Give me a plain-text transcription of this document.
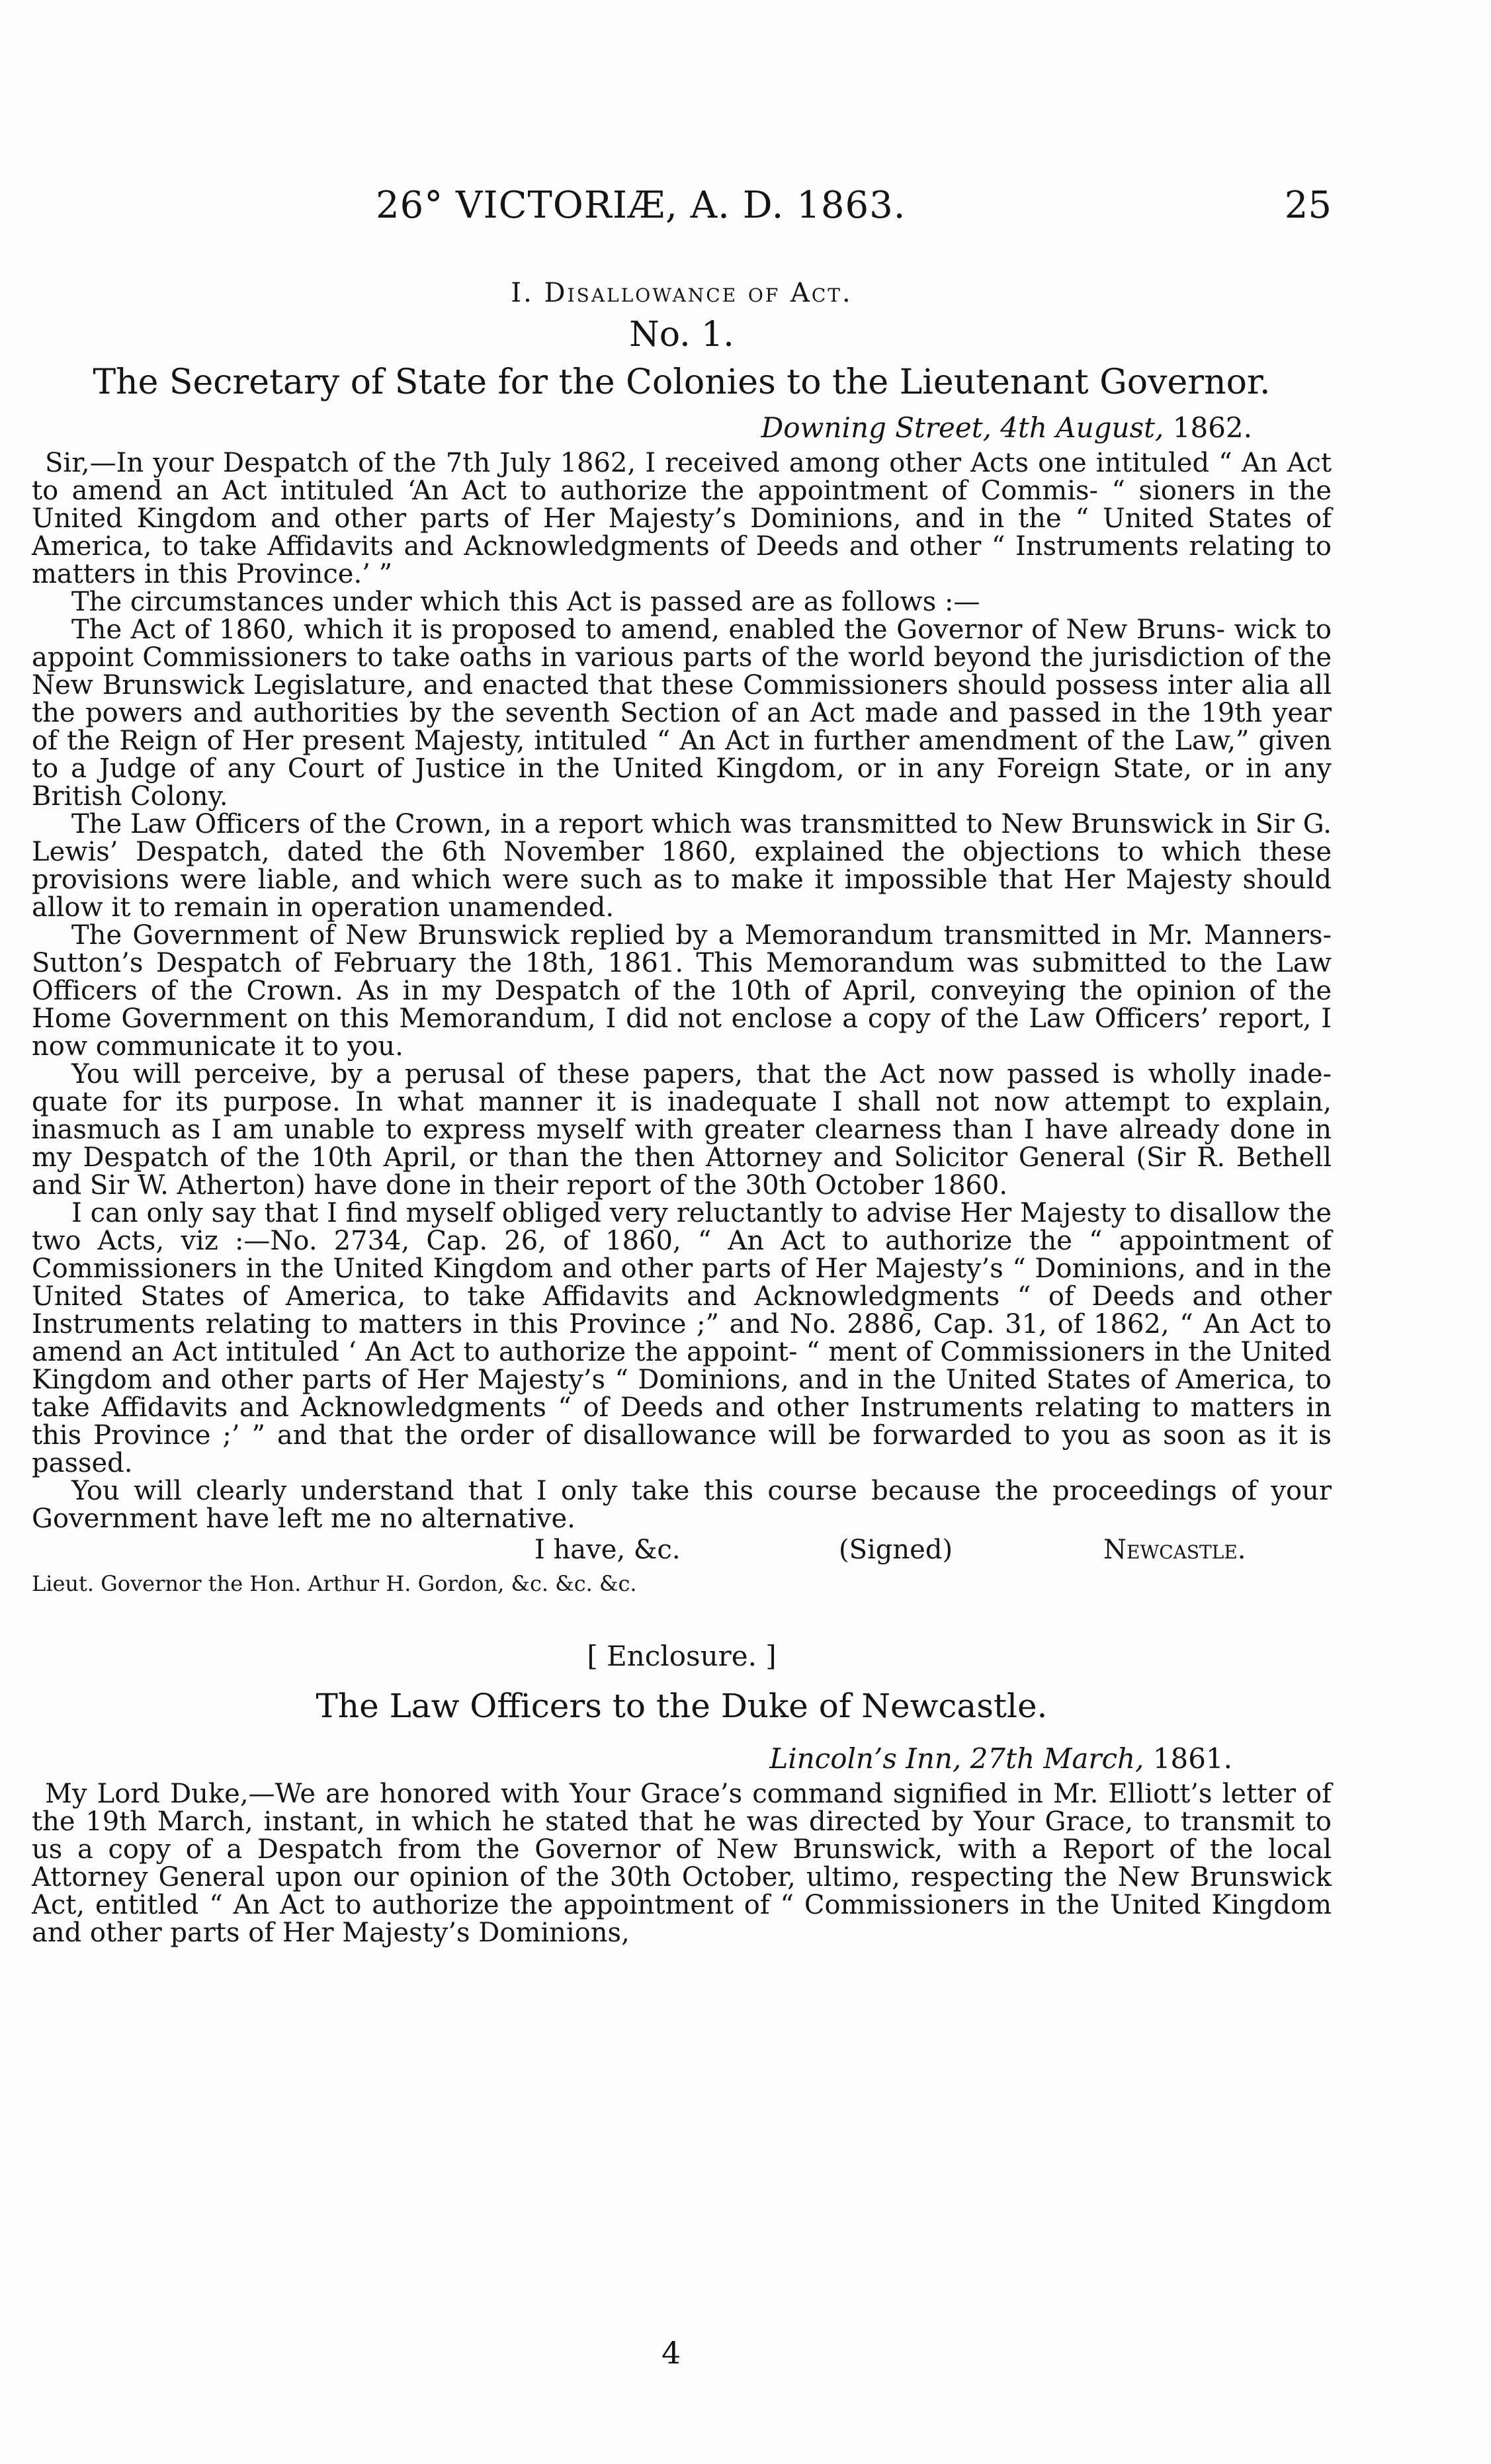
26° VICTORIÆ, A. D. 1863.	25
I. Disallowance of Act.
No. 1.
The Secretary of State for the Colonies to the Lieutenant Governor.
Downing Street, 4th August, 1862.

Sir,—In your Despatch of the 7th July 1862, I received among other Acts one intituled “ An Act to amend an Act intituled ‘An Act to authorize the appointment of Commis- “ sioners in the United Kingdom and other parts of Her Majesty’s Dominions, and in the “ United States of America, to take Affidavits and Acknowledgments of Deeds and other “ Instruments relating to matters in this Province.’ ”

The circumstances under which this Act is passed are as follows :—

The Act of 1860, which it is proposed to amend, enabled the Governor of New Bruns- wick to appoint Commissioners to take oaths in various parts of the world beyond the jurisdiction of the New Brunswick Legislature, and enacted that these Commissioners should possess inter alia all the powers and authorities by the seventh Section of an Act made and passed in the 19th year of the Reign of Her present Majesty, intituled “ An Act in further amendment of the Law,” given to a Judge of any Court of Justice in the United Kingdom, or in any Foreign State, or in any British Colony.

The Law Officers of the Crown, in a report which was transmitted to New Brunswick in Sir G. Lewis’ Despatch, dated the 6th November 1860, explained the objections to which these provisions were liable, and which were such as to make it impossible that Her Majesty should allow it to remain in operation unamended.

The Government of New Brunswick replied by a Memorandum transmitted in Mr. Manners-Sutton’s Despatch of February the 18th, 1861. This Memorandum was submitted to the Law Officers of the Crown. As in my Despatch of the 10th of April, conveying the opinion of the Home Government on this Memorandum, I did not enclose a copy of the Law Officers’ report, I now communicate it to you.

You will perceive, by a perusal of these papers, that the Act now passed is wholly inade- quate for its purpose. In what manner it is inadequate I shall not now attempt to explain, inasmuch as I am unable to express myself with greater clearness than I have already done in my Despatch of the 10th April, or than the then Attorney and Solicitor General (Sir R. Bethell and Sir W. Atherton) have done in their report of the 30th October 1860.

I can only say that I find myself obliged very reluctantly to advise Her Majesty to disallow the two Acts, viz :—No. 2734, Cap. 26, of 1860, “ An Act to authorize the “ appointment of Commissioners in the United Kingdom and other parts of Her Majesty’s “ Dominions, and in the United States of America, to take Affidavits and Acknowledgments “ of Deeds and other Instruments relating to matters in this Province ;” and No. 2886, Cap. 31, of 1862, “ An Act to amend an Act intituled ‘ An Act to authorize the appoint- “ ment of Commissioners in the United Kingdom and other parts of Her Majesty’s “ Dominions, and in the United States of America, to take Affidavits and Acknowledgments “ of Deeds and other Instruments relating to matters in this Province ;’ ” and that the order of disallowance will be forwarded to you as soon as it is passed.

You will clearly understand that I only take this course because the proceedings of your Government have left me no alternative.

I have, &c.	(Signed)	Newcastle.
Lieut. Governor the Hon. Arthur H. Gordon, &c. &c. &c.
[ Enclosure. ]
The Law Officers to the Duke of Newcastle.
Lincoln’s Inn, 27th March, 1861.

My Lord Duke,—We are honored with Your Grace’s command signified in Mr. Elliott’s letter of the 19th March, instant, in which he stated that he was directed by Your Grace, to transmit to us a copy of a Despatch from the Governor of New Brunswick, with a Report of the local Attorney General upon our opinion of the 30th October, ultimo, respecting the New Brunswick Act, entitled “ An Act to authorize the appointment of “ Commissioners in the United Kingdom and other parts of Her Majesty’s Dominions,

4
